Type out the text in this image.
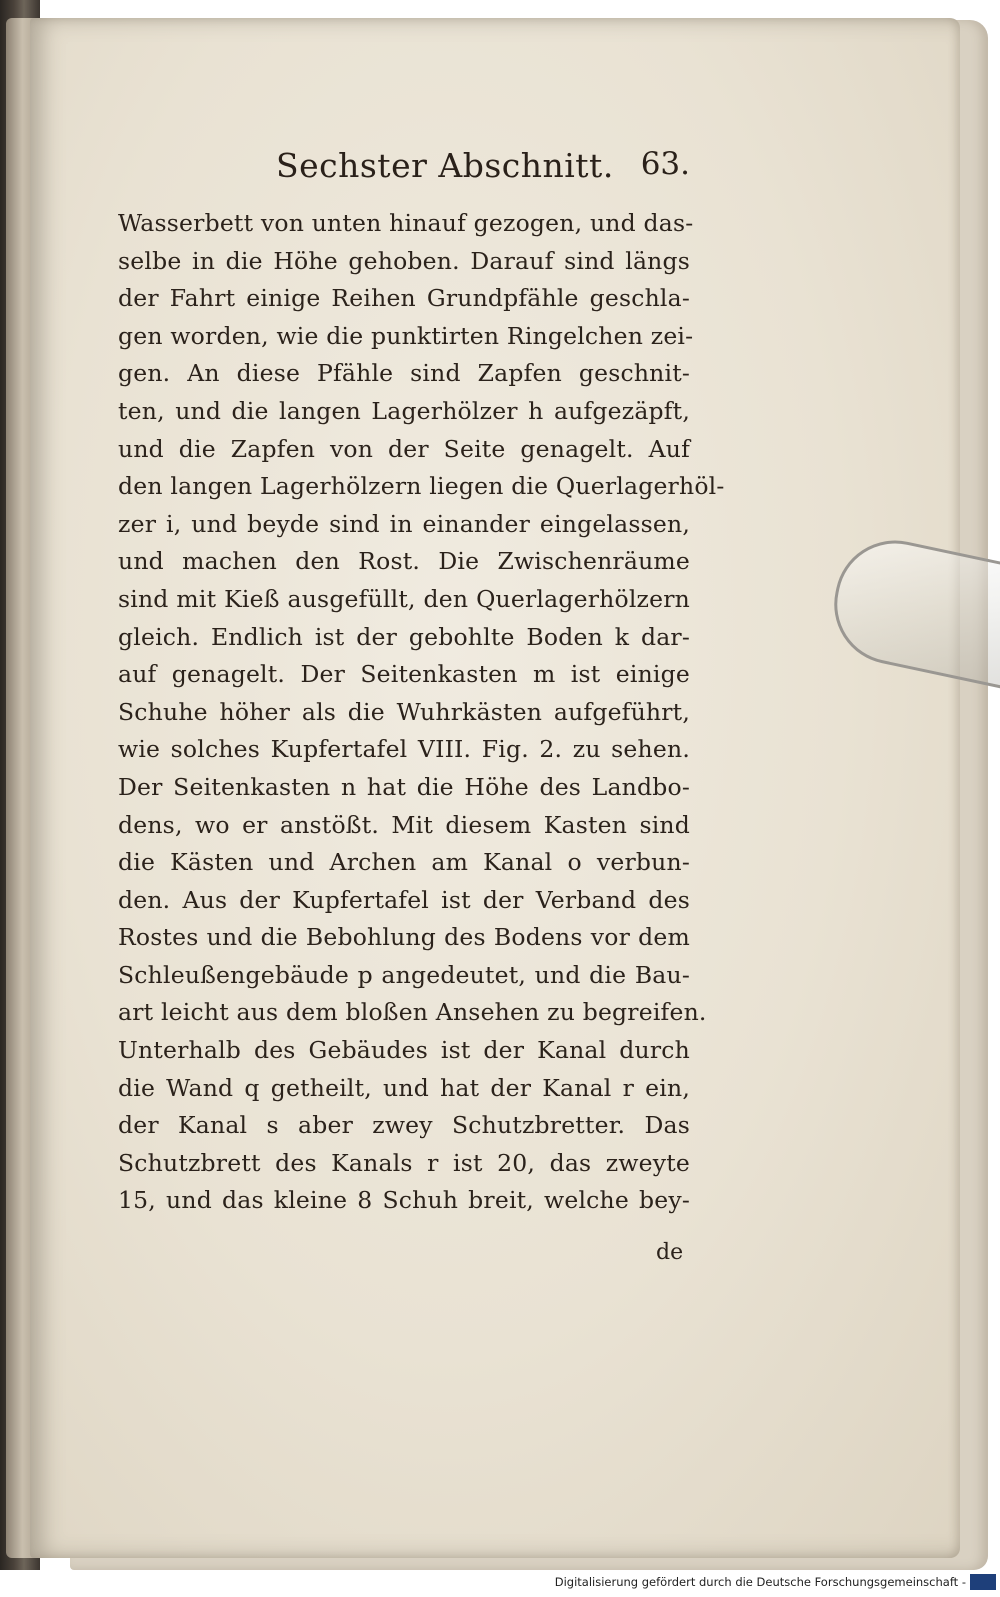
Sechster Abschnitt. 63.
Wasserbett von unten hinauf gezogen, und das-
selbe in die Höhe gehoben. Darauf sind längs
der Fahrt einige Reihen Grundpfähle geschla-
gen worden, wie die punktirten Ringelchen zei-
gen. An diese Pfähle sind Zapfen geschnit-
ten, und die langen Lagerhölzer h aufgezäpft,
und die Zapfen von der Seite genagelt. Auf
den langen Lagerhölzern liegen die Querlagerhöl-
zer i, und beyde sind in einander eingelassen,
und machen den Rost. Die Zwischenräume
sind mit Kieß ausgefüllt, den Querlagerhölzern
gleich. Endlich ist der gebohlte Boden k dar-
auf genagelt. Der Seitenkasten m ist einige
Schuhe höher als die Wuhrkästen aufgeführt,
wie solches Kupfertafel VIII. Fig. 2. zu sehen.
Der Seitenkasten n hat die Höhe des Landbo-
dens, wo er anstößt. Mit diesem Kasten sind
die Kästen und Archen am Kanal o verbun-
den. Aus der Kupfertafel ist der Verband des
Rostes und die Bebohlung des Bodens vor dem
Schleußengebäude p angedeutet, und die Bau-
art leicht aus dem bloßen Ansehen zu begreifen.
Unterhalb des Gebäudes ist der Kanal durch
die Wand q getheilt, und hat der Kanal r ein,
der Kanal s aber zwey Schutzbretter. Das
Schutzbrett des Kanals r ist 20, das zweyte
15, und das kleine 8 Schuh breit, welche bey-
de
Digitalisierung gefördert durch die Deutsche Forschungsgemeinschaft -
